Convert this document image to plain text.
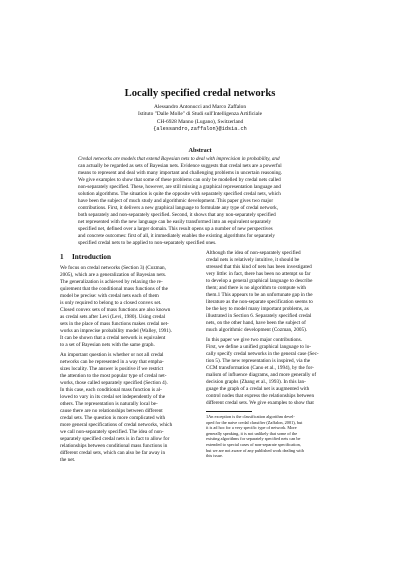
Locally specified credal networks
Alessandro Antonucci and Marco Zaffalon
Istituto "Dalle Molle" di Studi sull'Intelligenza Artificiale
CH-6928 Manno (Lugano), Switzerland
{alessandro,zaffalon}@idsia.ch
Abstract
Credal networks are models that extend Bayesian nets to deal with imprecision in probability, and
can actually be regarded as sets of Bayesian nets. Evidence suggests that credal nets are a powerful
means to represent and deal with many important and challenging problems in uncertain reasoning.
We give examples to show that some of these problems can only be modelled by credal nets called
non-separately specified. These, however, are still missing a graphical representation language and
solution algorithms. The situation is quite the opposite with separately specified credal nets, which
have been the subject of much study and algorithmic development. This paper gives two major
contributions. First, it delivers a new graphical language to formulate any type of credal network,
both separately and non-separately specified. Second, it shows that any non-separately specified
net represented with the new language can be easily transformed into an equivalent separately
specified net, defined over a larger domain. This result opens up a number of new perspectives
and concrete outcomes: first of all, it immediately enables the existing algorithms for separately
specified credal nets to be applied to non-separately specified ones.
1 Introduction
We focus on credal networks (Section 3) (Cozman,
2005), which are a generalization of Bayesian nets.
The generalization is achieved by relaxing the re-
quirement that the conditional mass functions of the
model be precise: with credal nets each of them
is only required to belong to a closed convex set.
Closed convex sets of mass functions are also known
as credal sets after Levi (Levi, 1980). Using credal
sets in the place of mass functions makes credal net-
works an imprecise probability model (Walley, 1991).
It can be shown that a credal network is equivalent
to a set of Bayesian nets with the same graph.
An important question is whether or not all credal
networks can be represented in a way that empha-
sizes locality. The answer is positive if we restrict
the attention to the most popular type of credal net-
works, those called separately specified (Section 4).
In this case, each conditional mass function is al-
lowed to vary in its credal set independently of the
others. The representation is naturally local be-
cause there are no relationships between different
credal sets. The question is more complicated with
more general specifications of credal networks, which
we call non-separately specified. The idea of non-
separately specified credal nets is in fact to allow for
relationships between conditional mass functions in
different credal sets, which can also be far away in
the net.
Although the idea of non-separately specified
credal nets is relatively intuitive, it should be
stressed that this kind of nets has been investigated
very little: in fact, there has been no attempt so far
to develop a general graphical language to describe
them; and there is no algorithm to compute with
them.1 This appears to be an unfortunate gap in the
literature as the non-separate specification seems to
be the key to model many important problems, as
illustrated in Section 6. Separately specified credal
nets, on the other hand, have been the subject of
much algorithmic development (Cozman, 2005).
In this paper we give two major contributions.
First, we define a unified graphical language to lo-
cally specify credal networks in the general case (Sec-
tion 5). The new representation is inspired, via the
CCM transformation (Cano et al., 1994), by the for-
malism of influence diagrams, and more generally of
decision graphs (Zhang et al., 1993). In this lan-
guage the graph of a credal net is augmented with
control nodes that express the relationships between
different credal sets. We give examples to show that
1An exception is the classification algorithm devel-
oped for the naive credal classifier (Zaffalon, 2001), but
it is ad hoc for a very specific type of network. More
generally speaking, it is not unlikely that some of the
existing algorithms for separately specified nets can be
extended to special cases of non-separate specification,
but we are not aware of any published work dealing with
this issue.
